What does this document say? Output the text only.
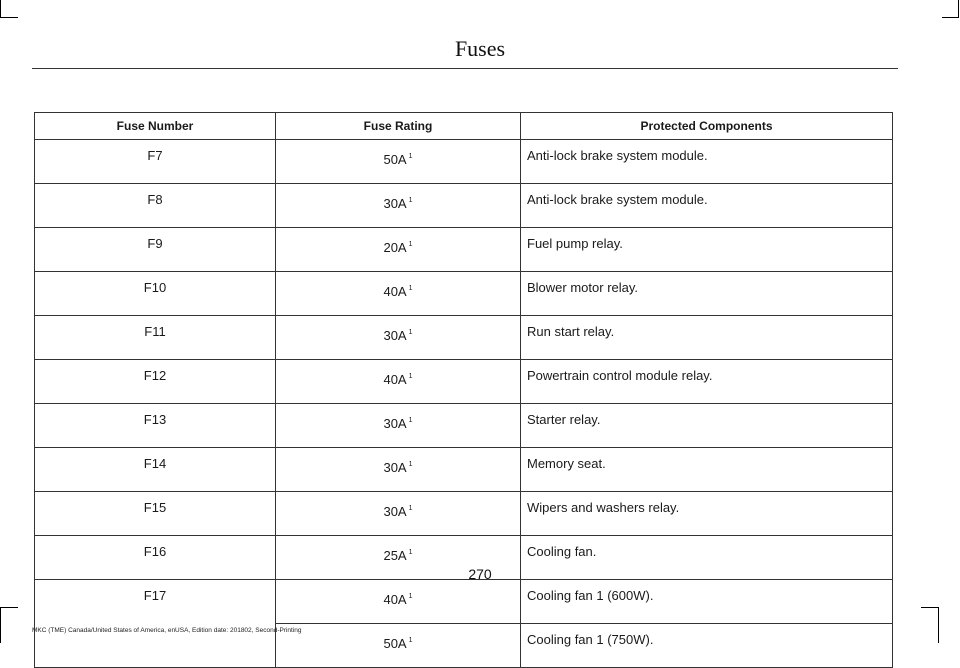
Fuses
Fuse Number	Fuse Rating	Protected Components
F7	50A $^1$	Anti-lock brake system module.
F8	30A $^1$	Anti-lock brake system module.
F9	20A $^1$	Fuel pump relay.
F10	40A $^1$	Blower motor relay.
F11	30A $^1$	Run start relay.
F12	40A $^1$	Powertrain control module relay.
F13	30A $^1$	Starter relay.
F14	30A $^1$	Memory seat.
F15	30A $^1$	Wipers and washers relay.
F16	25A $^1$	Cooling fan.
F17	40A $^1$	Cooling fan 1 (600W).
	50A $^1$	Cooling fan 1 (750W).
270
MKC (TME) Canada/United States of America, enUSA, Edition date: 201802, Second-Printing
